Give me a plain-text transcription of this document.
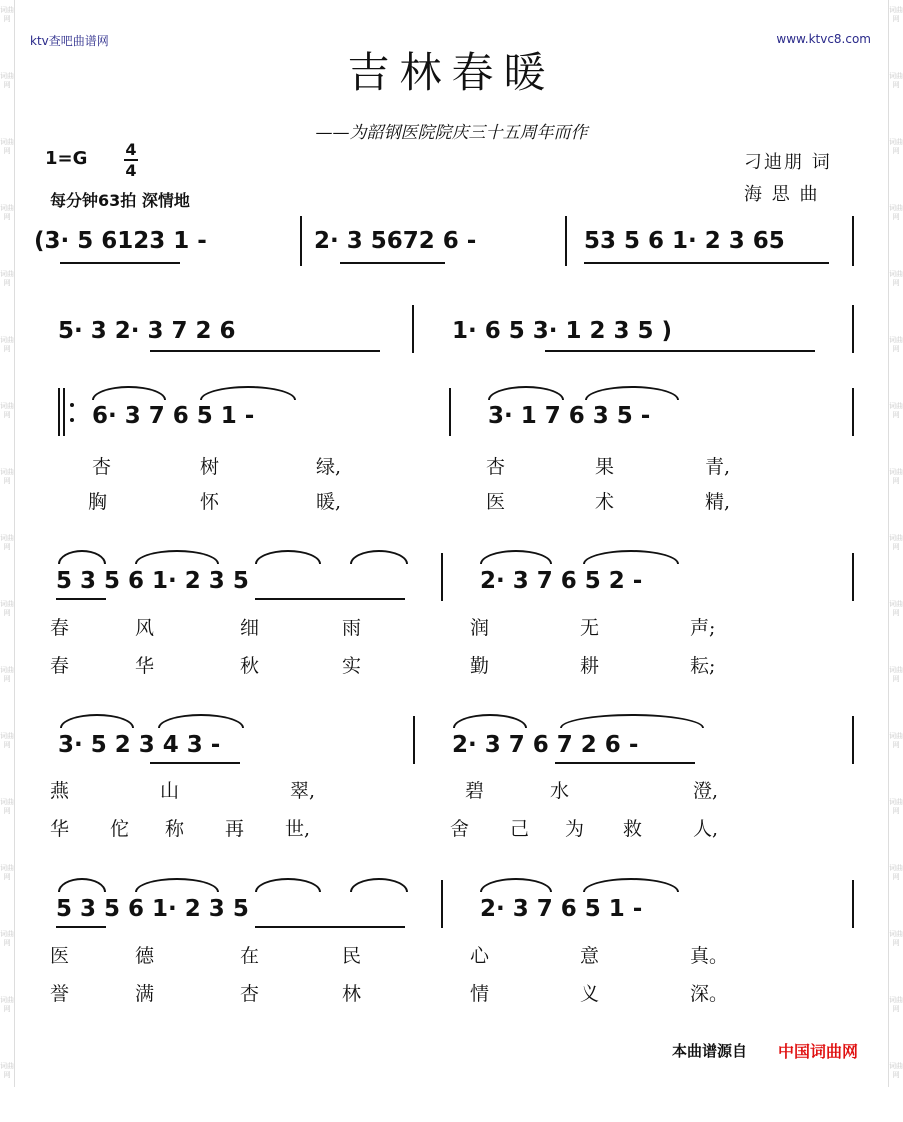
词曲网
词曲网
词曲网
词曲网
词曲网
词曲网
词曲网
词曲网
词曲网
词曲网
词曲网
词曲网
词曲网
词曲网
词曲网
词曲网
词曲网
词曲网
词曲网
词曲网
词曲网
词曲网
词曲网
词曲网
词曲网
词曲网
词曲网
词曲网
词曲网
词曲网
词曲网
词曲网
词曲网
词曲网
ktv查吧曲谱网	www.ktvc8.com
吉林春暖
——为韶钢医院院庆三十五周年而作
1=G 4
4
每分钟63拍 深情地
刁迪朋 词
海 思 曲
(3· 5 6123 1 -	2· 3 5672 6 -	53 5 6 1· 2 3 65
5· 3 2· 3 7 2 6	1· 6 5 3· 1 2 3 5 )
6· 3 7 6 5 1 -	3· 1 7 6 3 5 -
杏	树	绿,	杏	果	青,
胸	怀	暖,	医	术	精,
5 3 5 6 1· 2 3 5	2· 3 7 6 5 2 -
春	风	细	雨	润	无	声;
春	华	秋	实	勤	耕	耘;
3· 5 2 3 4 3 -	2· 3 7 6 7 2 6 -
燕	山	翠,	碧	水	澄,
华 佗 称 再 世,	舍 己 为 救	人,
5 3 5 6 1· 2 3 5	2· 3 7 6 5 1 -
医	德	在	民	心	意	真。
誉	满	杏	林	情	义	深。
本曲谱源自 中国词曲网
